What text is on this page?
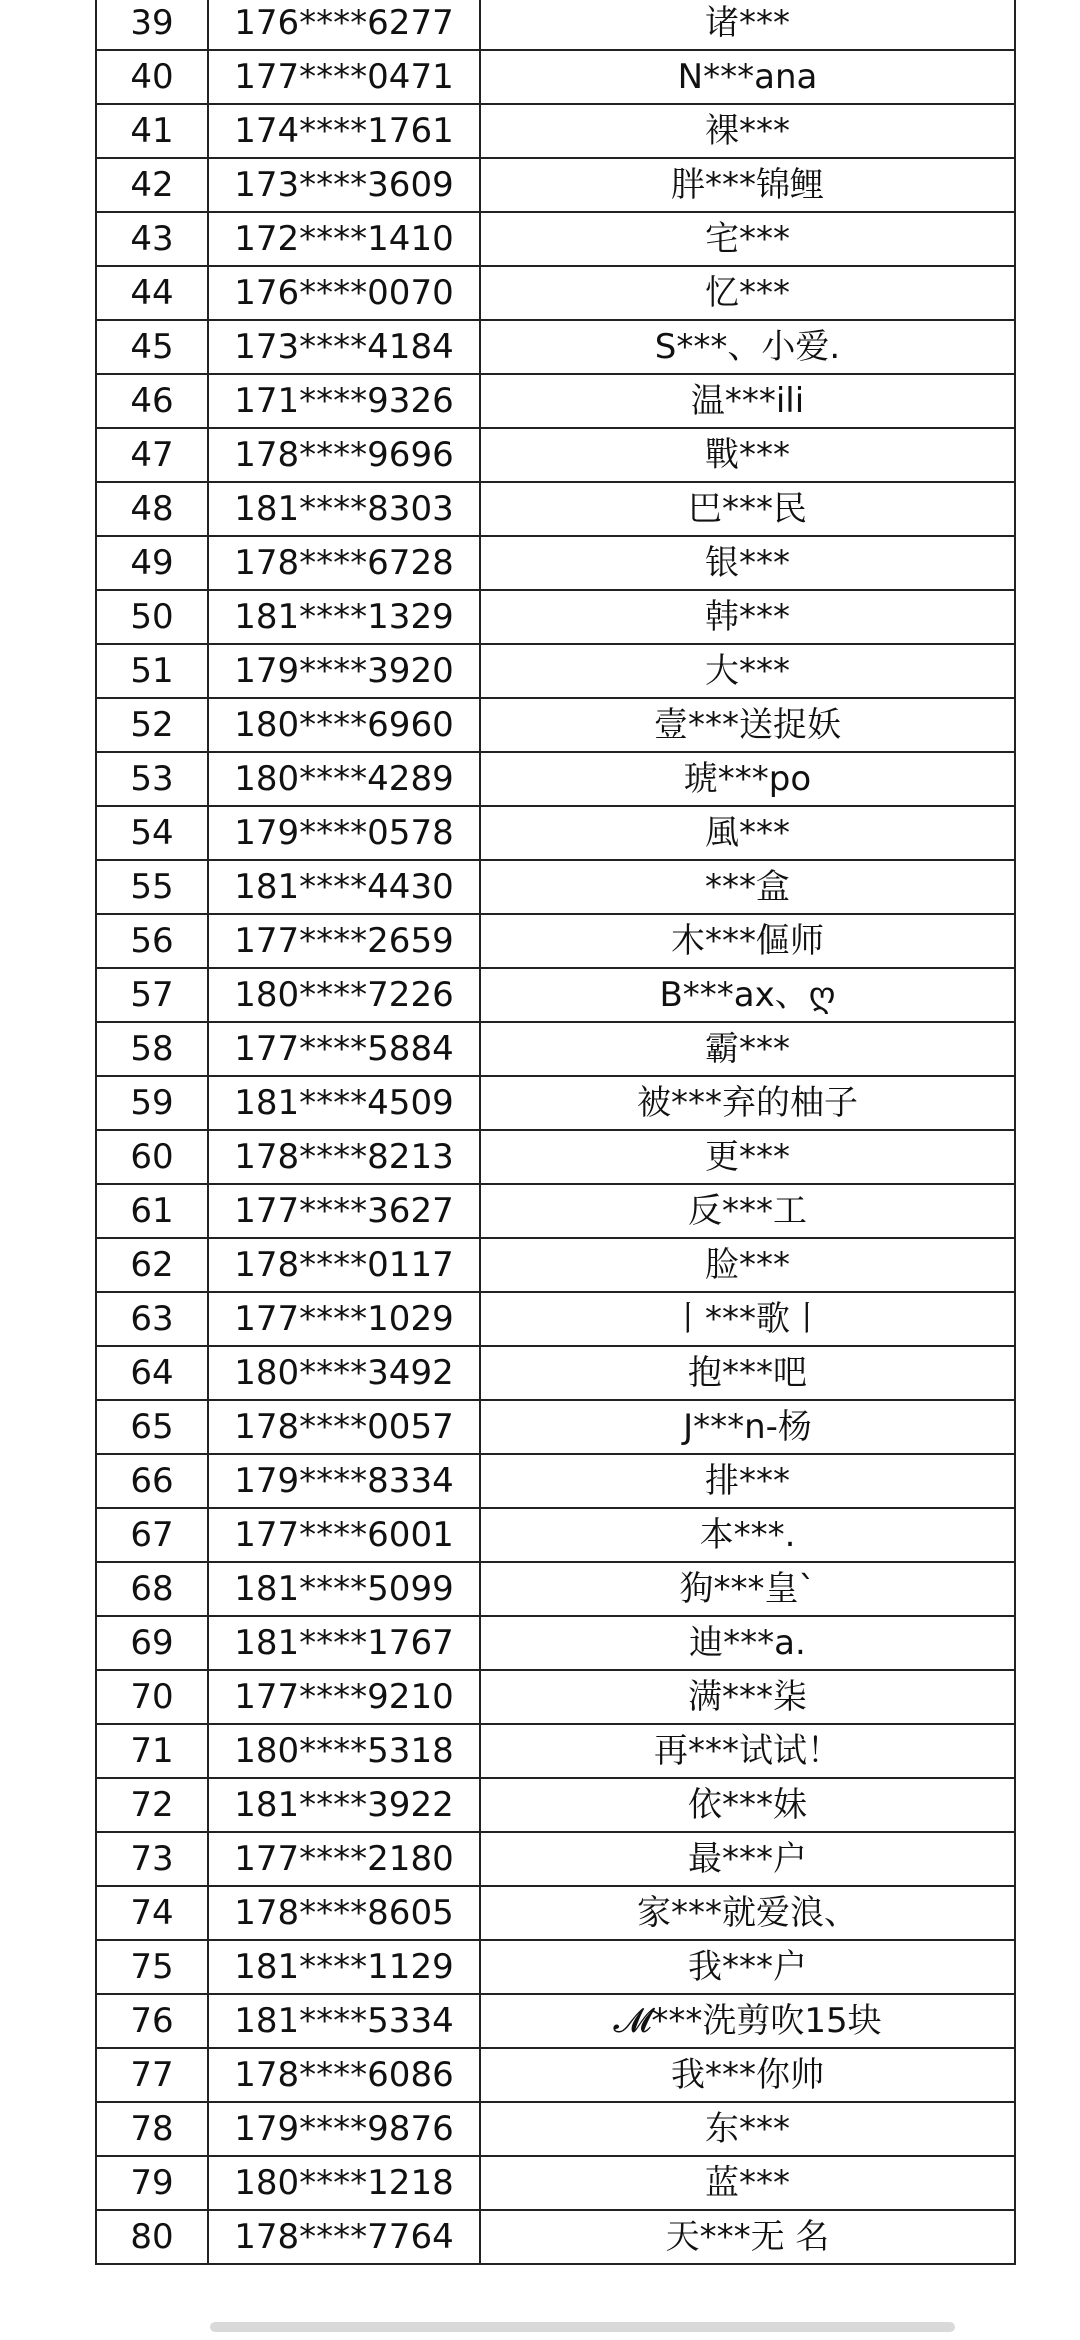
39	176****6277	诸***
40	177****0471	N***ana
41	174****1761	裸***
42	173****3609	胖***锦鲤
43	172****1410	宅***
44	176****0070	忆***
45	173****4184	S***、小爱.
46	171****9326	温***ili
47	178****9696	戰***
48	181****8303	巴***民
49	178****6728	银***
50	181****1329	韩***
51	179****3920	大***
52	180****6960	壹***送捉妖
53	180****4289	琥***po
54	179****0578	風***
55	181****4430	***盒
56	177****2659	木***傴师
57	180****7226	B***ax、ღ
58	177****5884	霸***
59	181****4509	被***弃的柚子
60	178****8213	更***
61	177****3627	反***工
62	178****0117	脸***
63	177****1029	丨***歌丨
64	180****3492	抱***吧
65	178****0057	J***n-杨
66	179****8334	排***
67	177****6001	本***.
68	181****5099	狗***皇`
69	181****1767	迪***a.
70	177****9210	满***柒
71	180****5318	再***试试！
72	181****3922	依***妹
73	177****2180	最***户
74	178****8605	家***就爱浪、
75	181****1129	我***户
76	181****5334	𝓜***洗剪吹15块
77	178****6086	我***你帅
78	179****9876	东***
79	180****1218	蓝***
80	178****7764	天***无 名
